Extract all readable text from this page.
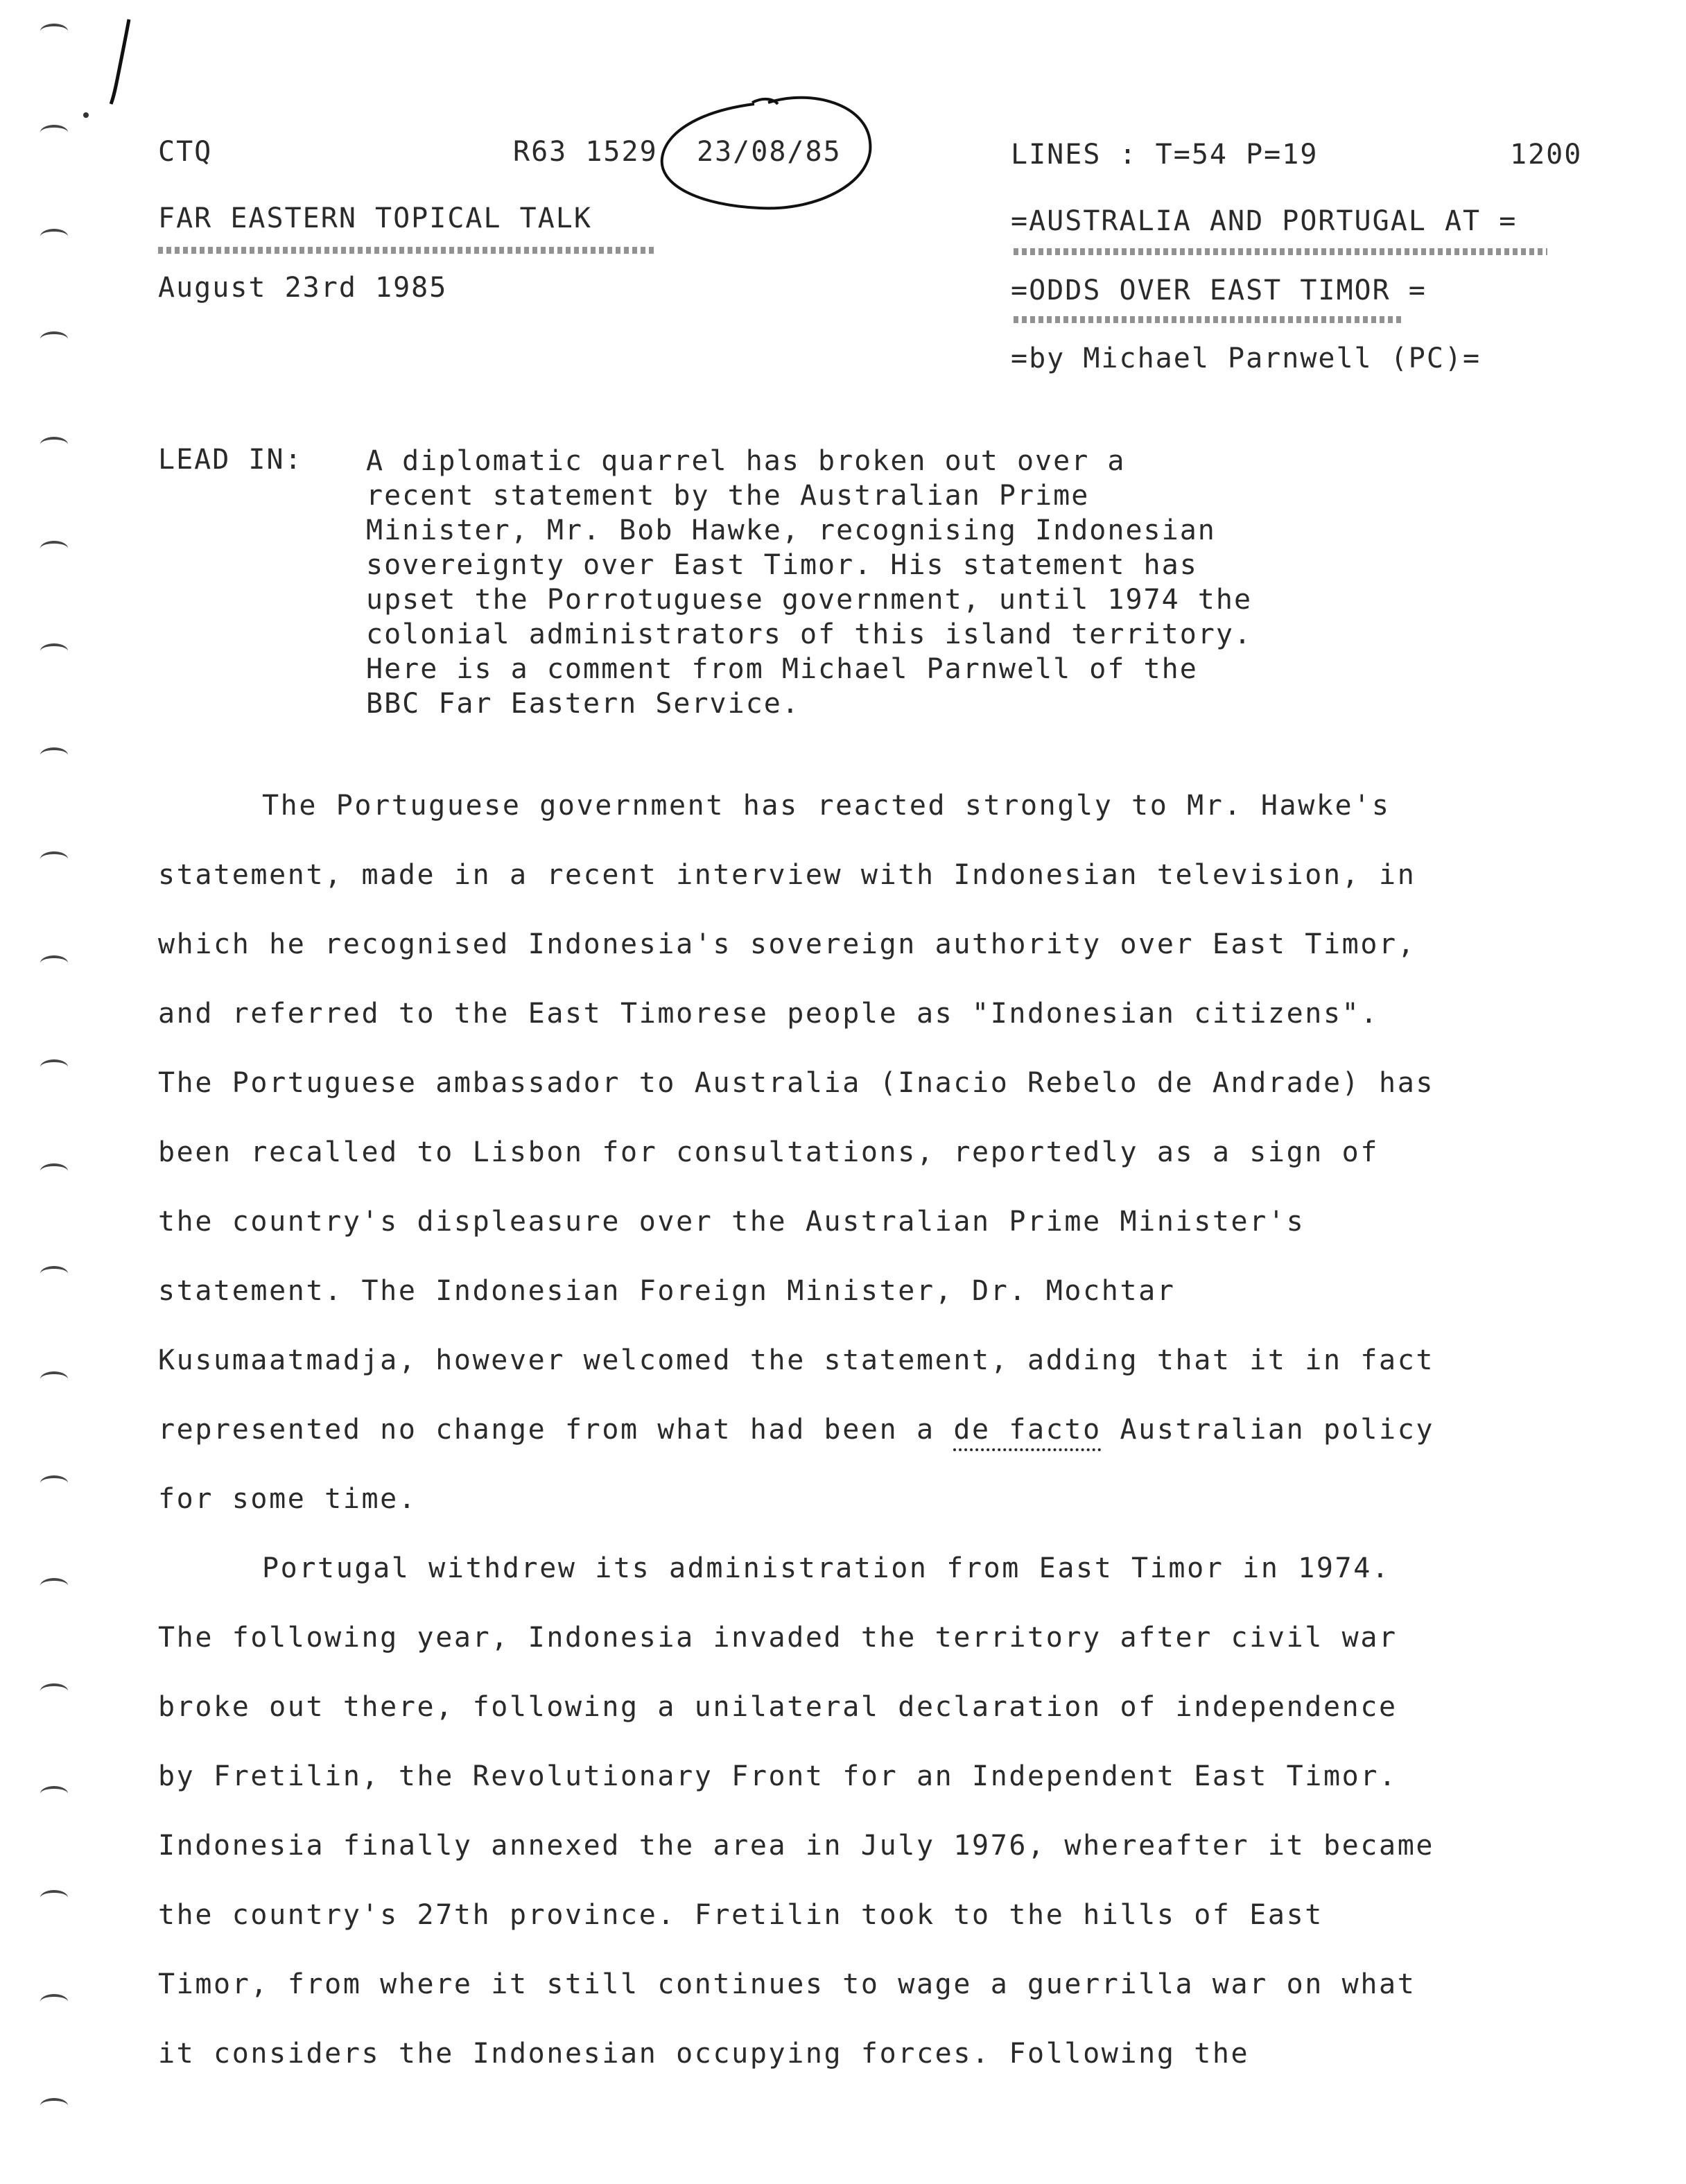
CTQ	R63 1529 23/08/85	LINES : T=54 P=19	1200
FAR EASTERN TOPICAL TALK
August 23rd 1985
=AUSTRALIA AND PORTUGAL AT =
=ODDS OVER EAST TIMOR =
=by Michael Parnwell (PC)=
LEAD IN: A diplomatic quarrel has broken out over a
recent statement by the Australian Prime
Minister, Mr. Bob Hawke, recognising Indonesian
sovereignty over East Timor. His statement has
upset the Porrotuguese government, until 1974 the
colonial administrators of this island territory.
Here is a comment from Michael Parnwell of the
BBC Far Eastern Service.
The Portuguese government has reacted strongly to Mr. Hawke's
statement, made in a recent interview with Indonesian television, in
which he recognised Indonesia's sovereign authority over East Timor,
and referred to the East Timorese people as "Indonesian citizens".
The Portuguese ambassador to Australia (Inacio Rebelo de Andrade) has
been recalled to Lisbon for consultations, reportedly as a sign of
the country's displeasure over the Australian Prime Minister's
statement. The Indonesian Foreign Minister, Dr. Mochtar
Kusumaatmadja, however welcomed the statement, adding that it in fact
represented no change from what had been a de facto Australian policy
for some time.
Portugal withdrew its administration from East Timor in 1974.
The following year, Indonesia invaded the territory after civil war
broke out there, following a unilateral declaration of independence
by Fretilin, the Revolutionary Front for an Independent East Timor.
Indonesia finally annexed the area in July 1976, whereafter it became
the country's 27th province. Fretilin took to the hills of East
Timor, from where it still continues to wage a guerrilla war on what
it considers the Indonesian occupying forces. Following the
